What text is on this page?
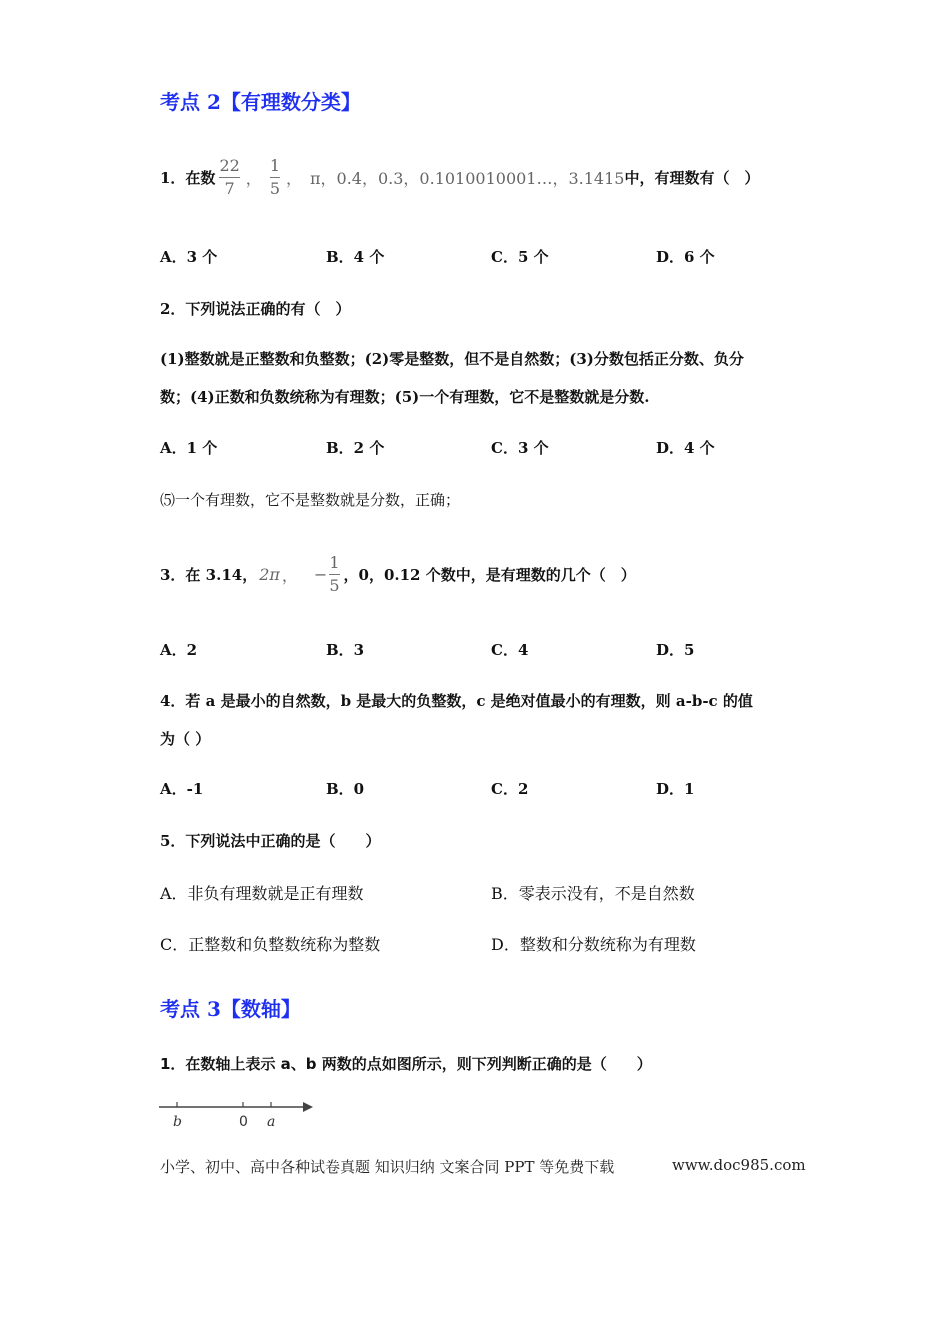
考点 2【有理数分类】
1．在数 $\frac{22}{7}$ ， $\frac{1}{5}$ ， π，0.4，0.3，0.1010010001…，3.1415 中，有理数有（　）
A．3 个	B．4 个	C．5 个	D．6 个
2．下列说法正确的有（　）
(1)整数就是正整数和负整数；(2)零是整数，但不是自然数；(3)分数包括正分数、负分
数；(4)正数和负数统称为有理数；(5)一个有理数，它不是整数就是分数.
A．1 个	B．2 个	C．3 个	D．4 个
⑸一个有理数，它不是整数就是分数，正确；
3．在 3.14， 2π ， − $\frac{1}{5}$ ，0，0.12 个数中，是有理数的几个（　）
A．2	B．3	C．4	D．5
4．若 a 是最小的自然数，b 是最大的负整数，c 是绝对值最小的有理数，则 a-b-c 的值
为（ ）
A．-1	B．0	C．2	D．1
5．下列说法中正确的是（　　）
A．非负有理数就是正有理数	B．零表示没有，不是自然数
C．正整数和负整数统称为整数	D．整数和分数统称为有理数
考点 3【数轴】
1．在数轴上表示 a、b 两数的点如图所示，则下列判断正确的是（　　）
b	0 a
小学、初中、高中各种试卷真题 知识归纳 文案合同 PPT 等免费下载	www.doc985.com
